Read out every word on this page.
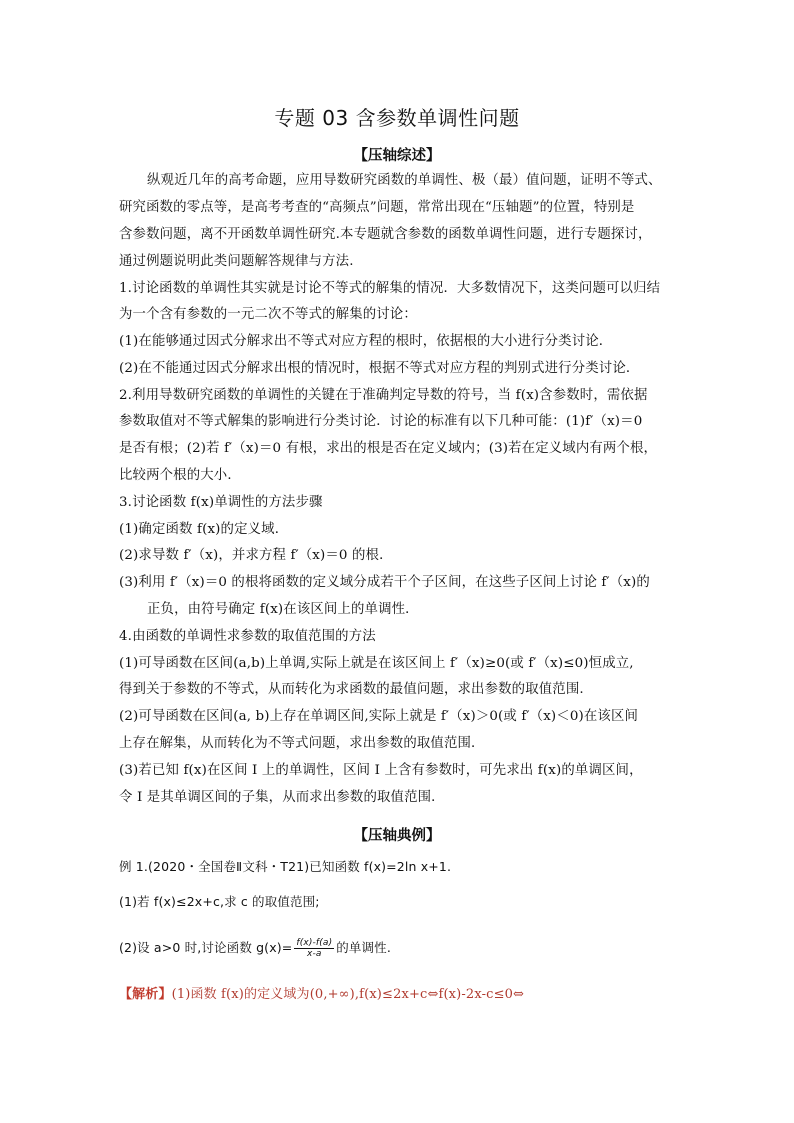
专题 03 含参数单调性问题
【压轴综述】
纵观近几年的高考命题，应用导数研究函数的单调性、极（最）值问题，证明不等式、
研究函数的零点等，是高考考查的“高频点”问题，常常出现在“压轴题”的位置，特别是
含参数问题，离不开函数单调性研究.本专题就含参数的函数单调性问题，进行专题探讨，
通过例题说明此类问题解答规律与方法.
1.讨论函数的单调性其实就是讨论不等式的解集的情况．大多数情况下，这类问题可以归结
为一个含有参数的一元二次不等式的解集的讨论：
(1)在能够通过因式分解求出不等式对应方程的根时，依据根的大小进行分类讨论．
(2)在不能通过因式分解求出根的情况时，根据不等式对应方程的判别式进行分类讨论．
2.利用导数研究函数的单调性的关键在于准确判定导数的符号，当 f(x)含参数时，需依据
参数取值对不等式解集的影响进行分类讨论．讨论的标准有以下几种可能：(1)f′（x)＝0
是否有根；(2)若 f′（x)＝0 有根，求出的根是否在定义域内；(3)若在定义域内有两个根，
比较两个根的大小．
3.讨论函数 f(x)单调性的方法步骤
(1)确定函数 f(x)的定义域．
(2)求导数 f′（x)，并求方程 f′（x)＝0 的根．
(3)利用 f′（x)＝0 的根将函数的定义域分成若干个子区间，在这些子区间上讨论 f′（x)的
正负，由符号确定 f(x)在该区间上的单调性．
4.由函数的单调性求参数的取值范围的方法
(1)可导函数在区间(a,b)上单调,实际上就是在该区间上 f′（x)≥0(或 f′（x)≤0)恒成立,
得到关于参数的不等式，从而转化为求函数的最值问题，求出参数的取值范围.
(2)可导函数在区间(a, b)上存在单调区间,实际上就是 f′（x)＞0(或 f′（x)＜0)在该区间
上存在解集，从而转化为不等式问题，求出参数的取值范围．
(3)若已知 f(x)在区间 I 上的单调性，区间 I 上含有参数时，可先求出 f(x)的单调区间，
令 I 是其单调区间的子集，从而求出参数的取值范围．
【压轴典例】
例 1.(2020・全国卷Ⅱ文科・T21)已知函数 f(x)=2ln x+1.
(1)若 f(x)≤2x+c,求 c 的取值范围;
(2)设 a>0 时,讨论函数 $g(x)= \frac{f(x)-f(a)}{x-a}$ 的单调性.
【解析】(1)函数 f(x)的定义域为(0,+∞),f(x)≤2x+c⇔f(x)-2x-c≤0⇔
